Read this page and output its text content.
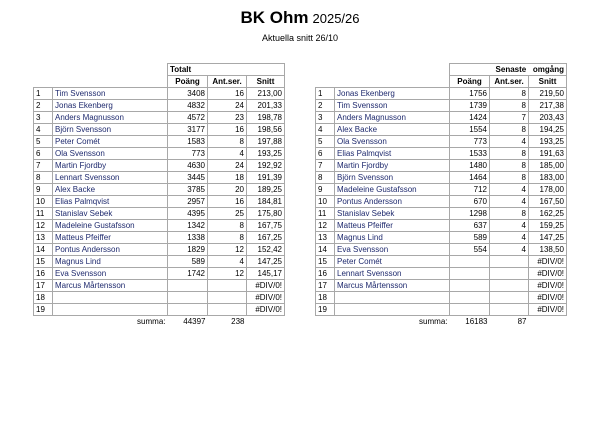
BK Ohm 2025/26
Aktuella snitt 26/10
		Totalt		
		Poäng	Ant.ser.	Snitt
1	Tim Svensson	3408	16	213,00
2	Jonas Ekenberg	4832	24	201,33
3	Anders Magnusson	4572	23	198,78
4	Björn Svensson	3177	16	198,56
5	Peter Comét	1583	8	197,88
6	Ola Svensson	773	4	193,25
7	Martin Fjordby	4630	24	192,92
8	Lennart Svensson	3445	18	191,39
9	Alex Backe	3785	20	189,25
10	Elias Palmqvist	2957	16	184,81
11	Stanislav Sebek	4395	25	175,80
12	Madeleine Gustafsson	1342	8	167,75
13	Matteus Pfeiffer	1338	8	167,25
14	Pontus Andersson	1829	12	152,42
15	Magnus Lind	589	4	147,25
16	Eva Svensson	1742	12	145,17
17	Marcus Mårtensson			#DIV/0!
18				#DIV/0!
19				#DIV/0!
summa:		44397	238	
		Senaste   omgång		
		Poäng	Ant.ser.	Snitt
1	Jonas Ekenberg	1756	8	219,50
2	Tim Svensson	1739	8	217,38
3	Anders Magnusson	1424	7	203,43
4	Alex Backe	1554	8	194,25
5	Ola Svensson	773	4	193,25
6	Elias Palmqvist	1533	8	191,63
7	Martin Fjordby	1480	8	185,00
8	Björn Svensson	1464	8	183,00
9	Madeleine Gustafsson	712	4	178,00
10	Pontus Andersson	670	4	167,50
11	Stanislav Sebek	1298	8	162,25
12	Matteus Pfeiffer	637	4	159,25
13	Magnus Lind	589	4	147,25
14	Eva Svensson	554	4	138,50
15	Peter Comét			#DIV/0!
16	Lennart Svensson			#DIV/0!
17	Marcus Mårtensson			#DIV/0!
18				#DIV/0!
19				#DIV/0!
summa:		16183	87	
